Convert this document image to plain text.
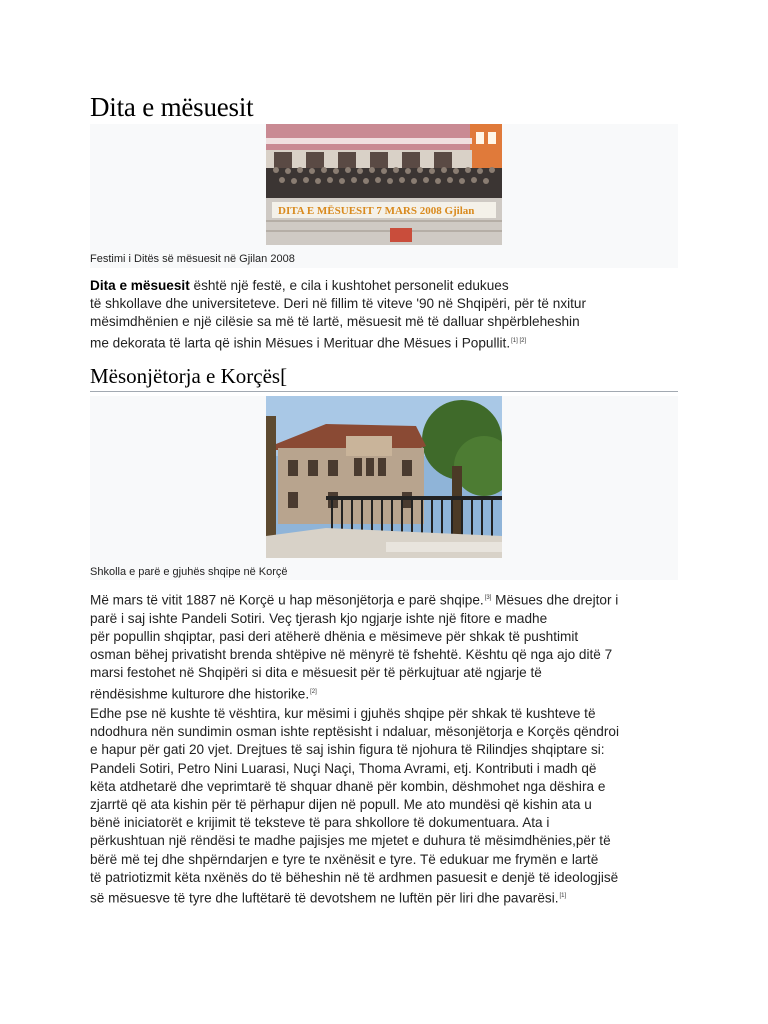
Dita e mësuesit
DITA E MËSUESIT 7 MARS 2008 Gjilan
Festimi i Ditës së mësuesit në Gjilan 2008

Dita e mësuesit është një festë, e cila i kushtohet personelit edukues
të shkollave dhe universiteteve. Deri në fillim të viteve '90 në Shqipëri, për të nxitur
mësimdhënien e një cilësie sa më të lartë, mësuesit më të dalluar shpërbleheshin
me dekorata të larta që ishin Mësues i Merituar dhe Mësues i Popullit.[1] [2]

Mësonjëtorja e Korçës[
Shkolla e parë e gjuhës shqipe në Korçë

Më mars të vitit 1887 në Korçë u hap mësonjëtorja e parë shqipe.[3] Mësues dhe drejtor i
parë i saj ishte Pandeli Sotiri. Veç tjerash kjo ngjarje ishte një fitore e madhe
për popullin shqiptar, pasi deri atëherë dhënia e mësimeve për shkak të pushtimit
osman bëhej privatisht brenda shtëpive në mënyrë të fshehtë. Kështu që nga ajo ditë 7
marsi festohet në Shqipëri si dita e mësuesit për të përkujtuar atë ngjarje të
rëndësishme kulturore dhe historike.[2]

Edhe pse në kushte të vështira, kur mësimi i gjuhës shqipe për shkak të kushteve të
ndodhura nën sundimin osman ishte reptësisht i ndaluar, mësonjëtorja e Korçës qëndroi
e hapur për gati 20 vjet. Drejtues të saj ishin figura të njohura të Rilindjes shqiptare si:
Pandeli Sotiri, Petro Nini Luarasi, Nuçi Naçi, Thoma Avrami, etj. Kontributi i madh që
këta atdhetarë dhe veprimtarë të shquar dhanë për kombin, dëshmohet nga dëshira e
zjarrtë që ata kishin për të përhapur dijen në popull. Me ato mundësi që kishin ata u
bënë iniciatorët e krijimit të teksteve të para shkollore të dokumentuara. Ata i
përkushtuan një rëndësi te madhe pajisjes me mjetet e duhura të mësimdhënies,për të
bërë më tej dhe shpërndarjen e tyre te nxënësit e tyre. Të edukuar me frymën e lartë
të patriotizmit këta nxënës do të bëheshin në të ardhmen pasuesit e denjë të ideologjisë
së mësuesve të tyre dhe luftëtarë të devotshem ne luftën për liri dhe pavarësi.[1]
